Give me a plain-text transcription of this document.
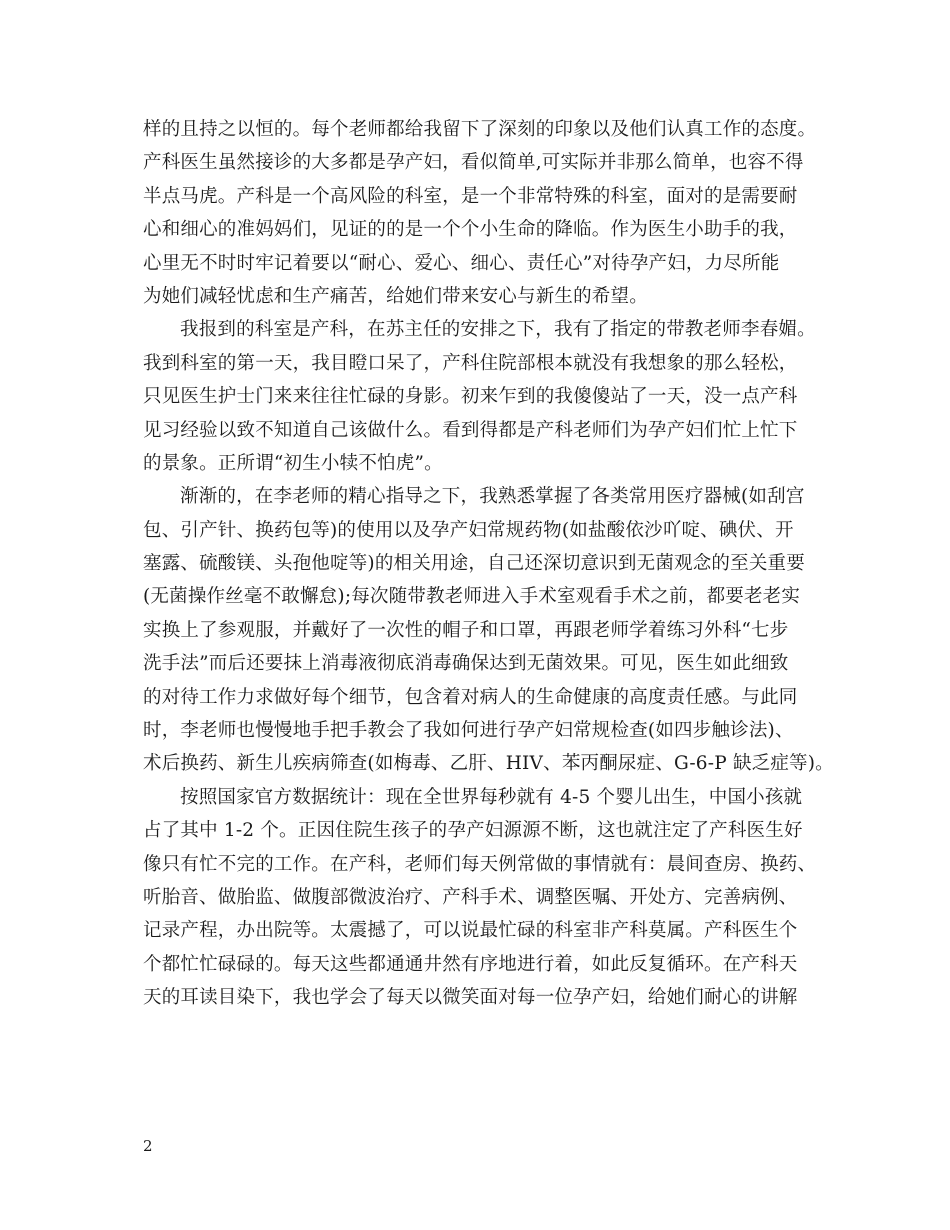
样的且持之以恒的。每个老师都给我留下了深刻的印象以及他们认真工作的态度。
产科医生虽然接诊的大多都是孕产妇，看似简单,可实际并非那么简单，也容不得
半点马虎。产科是一个高风险的科室，是一个非常特殊的科室，面对的是需要耐
心和细心的准妈妈们，见证的的是一个个小生命的降临。作为医生小助手的我，
心里无不时时牢记着要以“耐心、爱心、细心、责任心”对待孕产妇，力尽所能
为她们减轻忧虑和生产痛苦，给她们带来安心与新生的希望。
我报到的科室是产科，在苏主任的安排之下，我有了指定的带教老师李春媚。
我到科室的第一天，我目瞪口呆了，产科住院部根本就没有我想象的那么轻松，
只见医生护士门来来往往忙碌的身影。初来乍到的我傻傻站了一天，没一点产科
见习经验以致不知道自己该做什么。看到得都是产科老师们为孕产妇们忙上忙下
的景象。正所谓“初生小犊不怕虎”。
渐渐的，在李老师的精心指导之下，我熟悉掌握了各类常用医疗器械(如刮宫
包、引产针、换药包等)的使用以及孕产妇常规药物(如盐酸依沙吖啶、碘伏、开
塞露、硫酸镁、头孢他啶等)的相关用途，自己还深切意识到无菌观念的至关重要
(无菌操作丝毫不敢懈怠);每次随带教老师进入手术室观看手术之前，都要老老实
实换上了参观服，并戴好了一次性的帽子和口罩，再跟老师学着练习外科“七步
洗手法”而后还要抹上消毒液彻底消毒确保达到无菌效果。可见，医生如此细致
的对待工作力求做好每个细节，包含着对病人的生命健康的高度责任感。与此同
时，李老师也慢慢地手把手教会了我如何进行孕产妇常规检查(如四步触诊法)、
术后换药、新生儿疾病筛查(如梅毒、乙肝、HIV、苯丙酮尿症、G-6-P 缺乏症等)。
按照国家官方数据统计：现在全世界每秒就有 4-5 个婴儿出生，中国小孩就
占了其中 1-2 个。正因住院生孩子的孕产妇源源不断，这也就注定了产科医生好
像只有忙不完的工作。在产科，老师们每天例常做的事情就有：晨间查房、换药、
听胎音、做胎监、做腹部微波治疗、产科手术、调整医嘱、开处方、完善病例、
记录产程，办出院等。太震撼了，可以说最忙碌的科室非产科莫属。产科医生个
个都忙忙碌碌的。每天这些都通通井然有序地进行着，如此反复循环。在产科天
天的耳读目染下，我也学会了每天以微笑面对每一位孕产妇，给她们耐心的讲解
2
